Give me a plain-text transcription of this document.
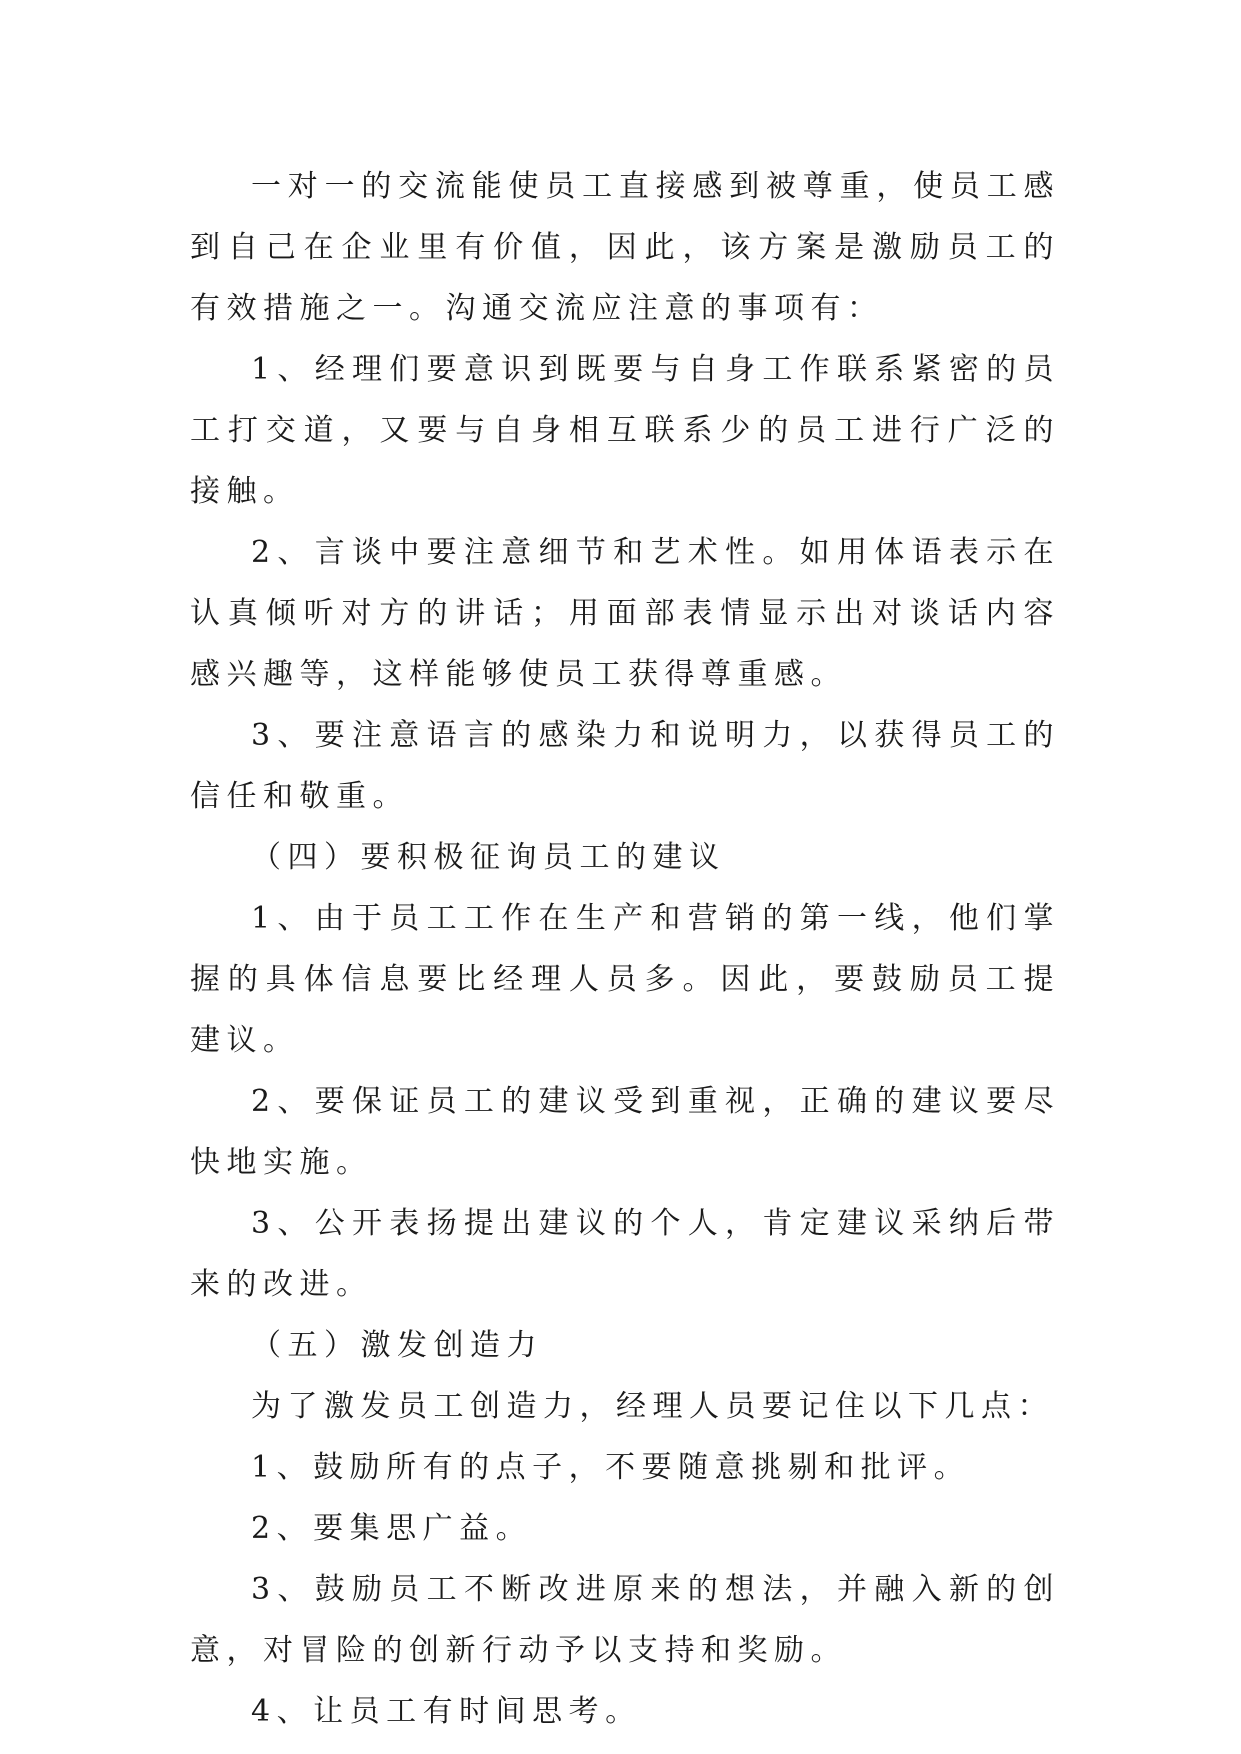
一对一的交流能使员工直接感到被尊重，使员工感到自己在企业里有价值，因此，该方案是激励员工的有效措施之一。沟通交流应注意的事项有：

1、经理们要意识到既要与自身工作联系紧密的员工打交道，又要与自身相互联系少的员工进行广泛的接触。

2、言谈中要注意细节和艺术性。如用体语表示在认真倾听对方的讲话；用面部表情显示出对谈话内容感兴趣等，这样能够使员工获得尊重感。

3、要注意语言的感染力和说明力，以获得员工的信任和敬重。

（四）要积极征询员工的建议

1、由于员工工作在生产和营销的第一线，他们掌握的具体信息要比经理人员多。因此，要鼓励员工提建议。

2、要保证员工的建议受到重视，正确的建议要尽快地实施。

3、公开表扬提出建议的个人，肯定建议采纳后带来的改进。

（五）激发创造力

为了激发员工创造力，经理人员要记住以下几点：

1、鼓励所有的点子，不要随意挑剔和批评。

2、要集思广益。

3、鼓励员工不断改进原来的想法，并融入新的创意，对冒险的创新行动予以支持和奖励。

4、让员工有时间思考。
